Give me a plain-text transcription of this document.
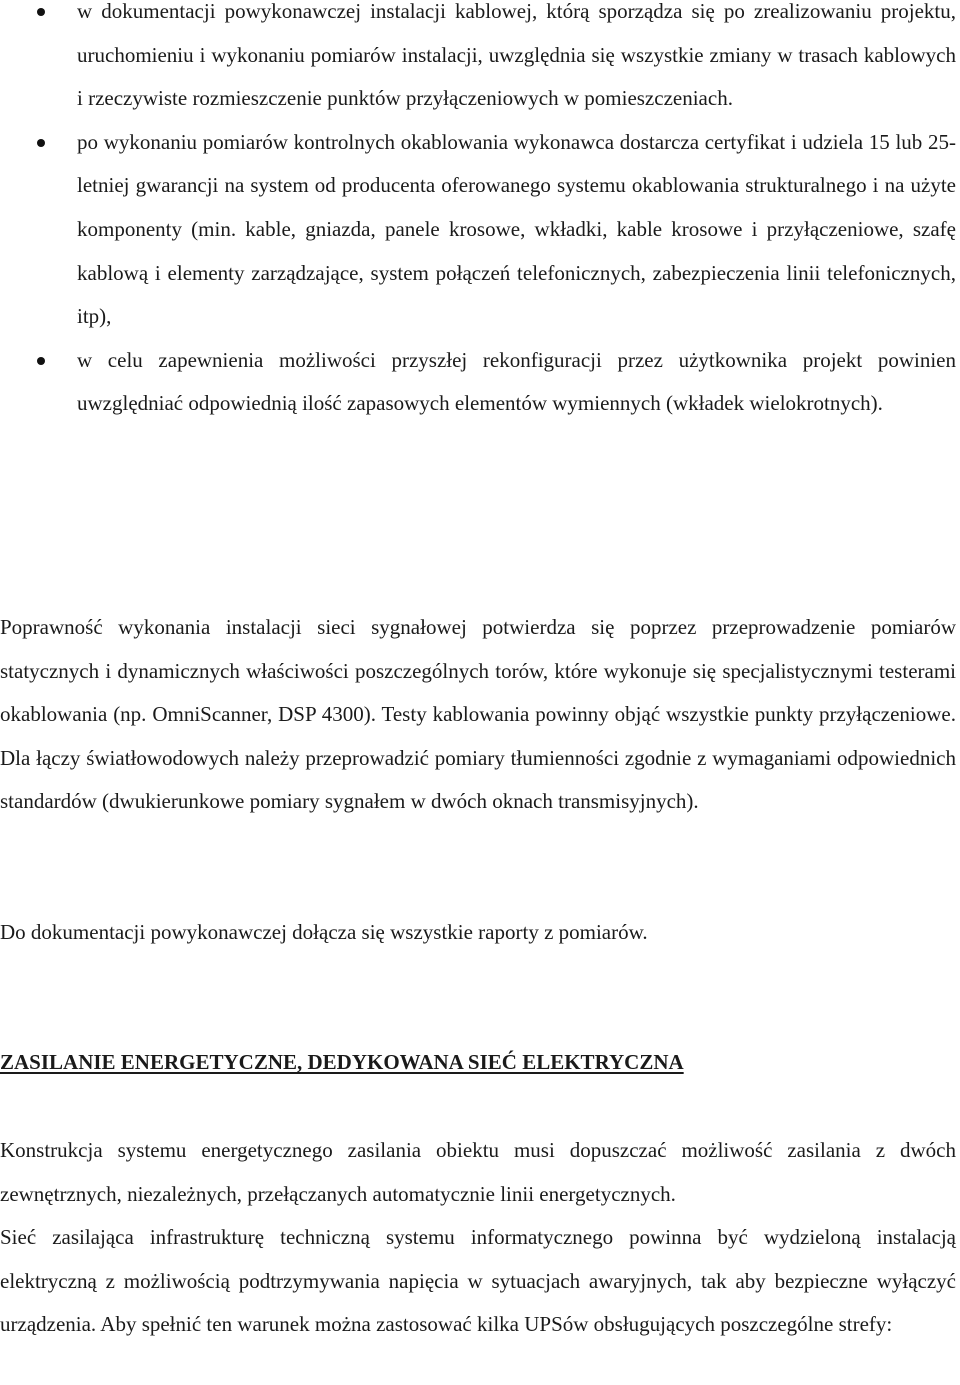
w dokumentacji powykonawczej instalacji kablowej, którą sporządza się po zrealizowaniu projektu, uruchomieniu i wykonaniu pomiarów instalacji, uwzględnia się wszystkie zmiany w trasach kablowych i rzeczywiste rozmieszczenie punktów przyłączeniowych w pomieszczeniach.
po wykonaniu pomiarów kontrolnych okablowania wykonawca dostarcza certyfikat i udziela 15 lub 25-letniej gwarancji na system od producenta oferowanego systemu okablowania strukturalnego i na użyte komponenty (min. kable, gniazda, panele krosowe, wkładki, kable krosowe i przyłączeniowe, szafę kablową i elementy zarządzające, system połączeń telefonicznych, zabezpieczenia linii telefonicznych, itp),
w celu zapewnienia możliwości przyszłej rekonfiguracji przez użytkownika projekt powinien uwzględniać odpowiednią ilość zapasowych elementów wymiennych (wkładek wielokrotnych).

Poprawność wykonania instalacji sieci sygnałowej potwierdza się poprzez przeprowadzenie pomiarów statycznych i dynamicznych właściwości poszczególnych torów, które wykonuje się specjalistycznymi testerami okablowania (np. OmniScanner, DSP 4300). Testy kablowania powinny objąć wszystkie punkty przyłączeniowe. Dla łączy światłowodowych należy przeprowadzić pomiary tłumienności zgodnie z wymaganiami odpowiednich standardów (dwukierunkowe pomiary sygnałem w dwóch oknach transmisyjnych).

Do dokumentacji powykonawczej dołącza się wszystkie raporty z pomiarów.

ZASILANIE ENERGETYCZNE, DEDYKOWANA SIEĆ ELEKTRYCZNA

Konstrukcja systemu energetycznego zasilania obiektu musi dopuszczać możliwość zasilania z dwóch zewnętrznych, niezależnych, przełączanych automatycznie linii energetycznych.

Sieć zasilająca infrastrukturę techniczną systemu informatycznego powinna być wydzieloną instalacją elektryczną z możliwością podtrzymywania napięcia w sytuacjach awaryjnych, tak aby bezpieczne wyłączyć urządzenia. Aby spełnić ten warunek można zastosować kilka UPSów obsługujących poszczególne strefy:
